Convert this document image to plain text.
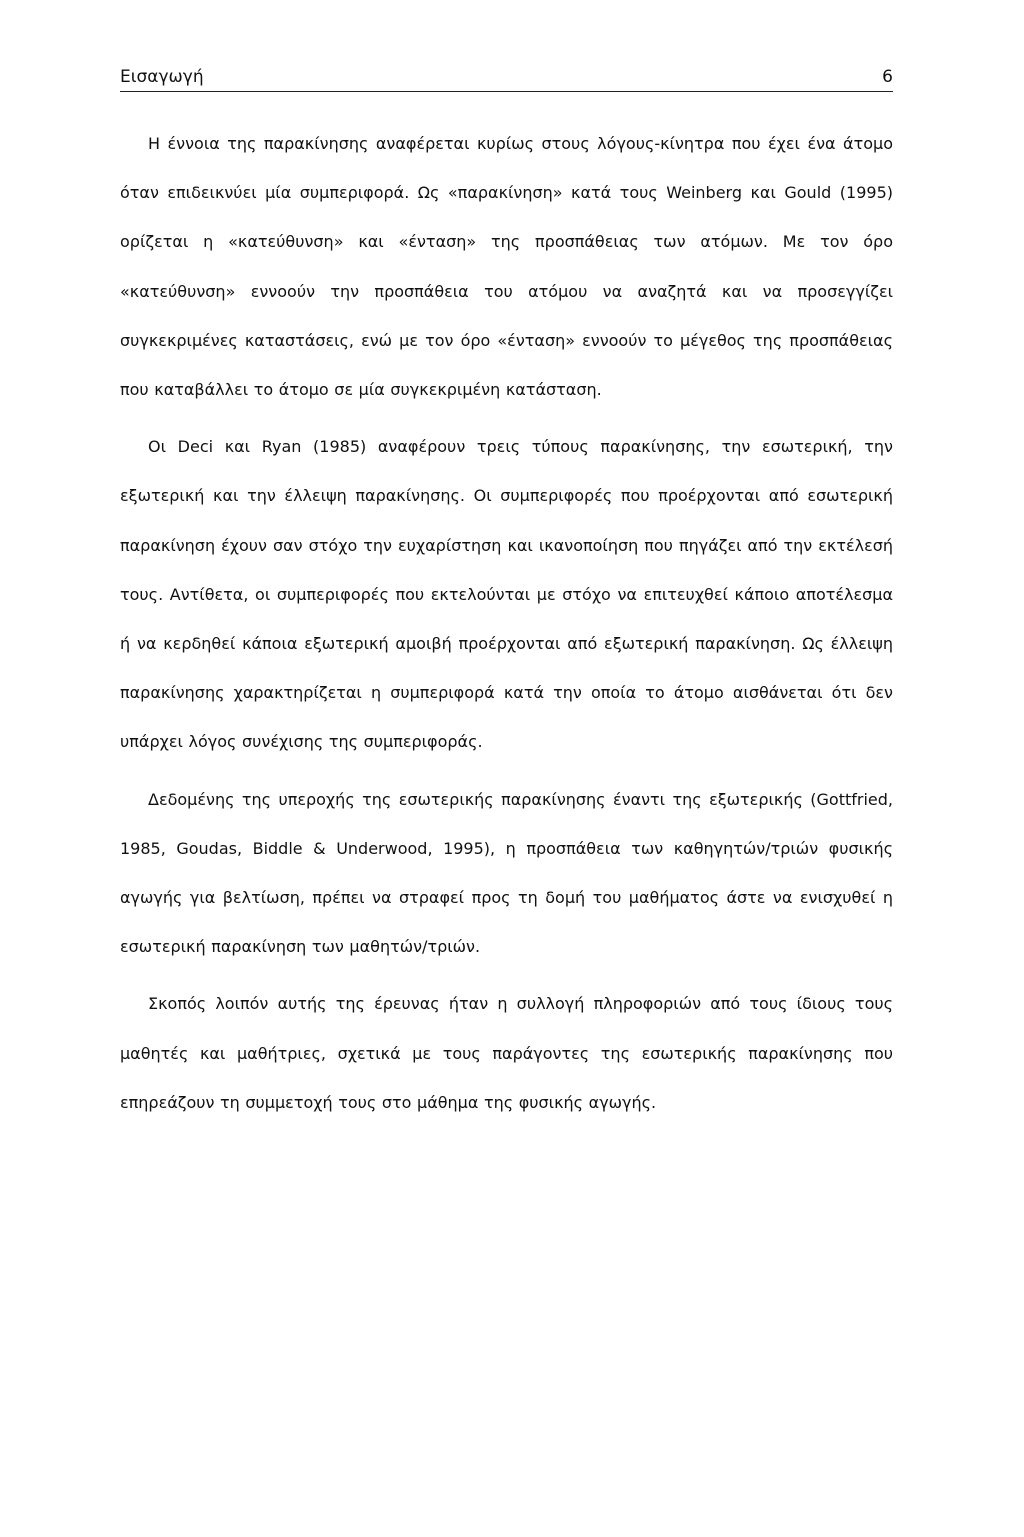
Εισαγωγή	6

Η έννοια της παρακίνησης αναφέρεται κυρίως στους λόγους-κίνητρα που έχει ένα άτομο όταν επιδεικνύει μία συμπεριφορά. Ως «παρακίνηση» κατά τους Weinberg και Gould (1995) ορίζεται η «κατεύθυνση» και «ένταση» της προσπάθειας των ατόμων. Με τον όρο «κατεύθυνση» εννοούν την προσπάθεια του ατόμου να αναζητά και να προσεγγίζει συγκεκριμένες καταστάσεις, ενώ με τον όρο «ένταση» εννοούν το μέγεθος της προσπάθειας που καταβάλλει το άτομο σε μία συγκεκριμένη κατάσταση.

Οι Deci και Ryan (1985) αναφέρουν τρεις τύπους παρακίνησης, την εσωτερική, την εξωτερική και την έλλειψη παρακίνησης. Οι συμπεριφορές που προέρχονται από εσωτερική παρακίνηση έχουν σαν στόχο την ευχαρίστηση και ικανοποίηση που πηγάζει από την εκτέλεσή τους. Αντίθετα, οι συμπεριφορές που εκτελούνται με στόχο να επιτευχθεί κάποιο αποτέλεσμα ή να κερδηθεί κάποια εξωτερική αμοιβή προέρχονται από εξωτερική παρακίνηση. Ως έλλειψη παρακίνησης χαρακτηρίζεται η συμπεριφορά κατά την οποία το άτομο αισθάνεται ότι δεν υπάρχει λόγος συνέχισης της συμπεριφοράς.

Δεδομένης της υπεροχής της εσωτερικής παρακίνησης έναντι της εξωτερικής (Gottfried, 1985, Goudas, Biddle & Underwood, 1995), η προσπάθεια των καθηγητών/τριών φυσικής αγωγής για βελτίωση, πρέπει να στραφεί προς τη δομή του μαθήματος άστε να ενισχυθεί η εσωτερική παρακίνηση των μαθητών/τριών.

Σκοπός λοιπόν αυτής της έρευνας ήταν η συλλογή πληροφοριών από τους ίδιους τους μαθητές και μαθήτριες, σχετικά με τους παράγοντες της εσωτερικής παρακίνησης που επηρεάζουν τη συμμετοχή τους στο μάθημα της φυσικής αγωγής.
